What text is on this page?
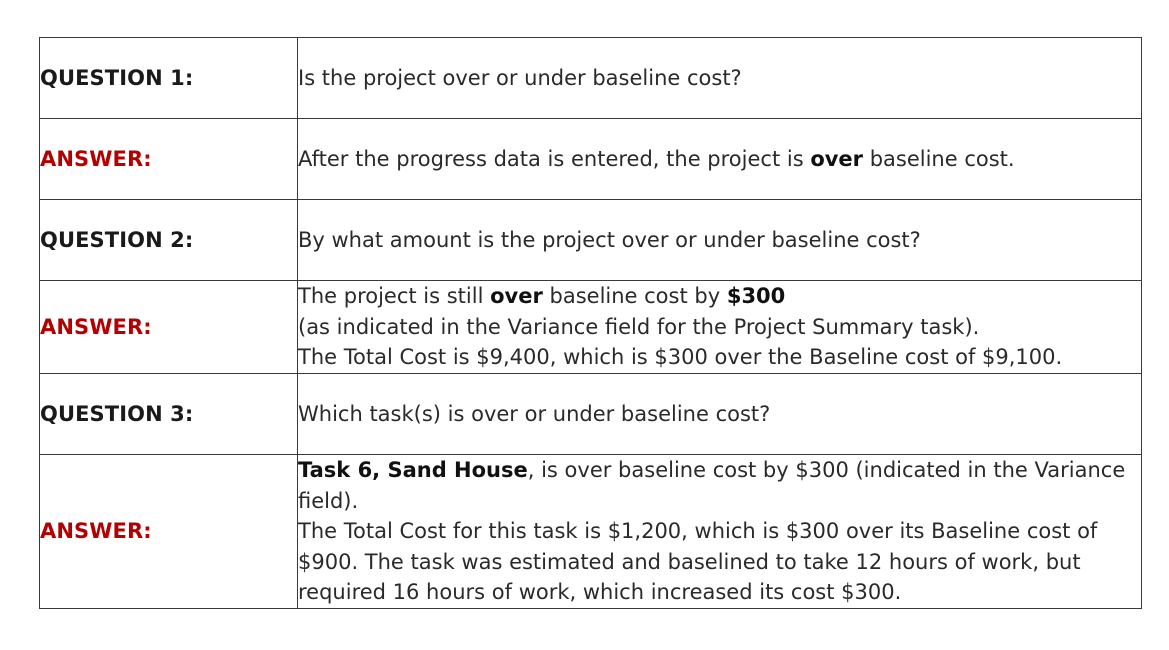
QUESTION 1:	Is the project over or under baseline cost?
ANSWER:	After the progress data is entered, the project is over baseline cost.
QUESTION 2:	By what amount is the project over or under baseline cost?
ANSWER:	The project is still over baseline cost by $300
(as indicated in the Variance field for the Project Summary task).
The Total Cost is $9,400, which is $300 over the Baseline cost of $9,100.

QUESTION 3:	Which task(s) is over or under baseline cost?
ANSWER:	Task 6, Sand House, is over baseline cost by $300 (indicated in the Variance field).
The Total Cost for this task is $1,200, which is $300 over its Baseline cost of $900. The task was estimated and baselined to take 12 hours of work, but required 16 hours of work, which increased its cost $300.
